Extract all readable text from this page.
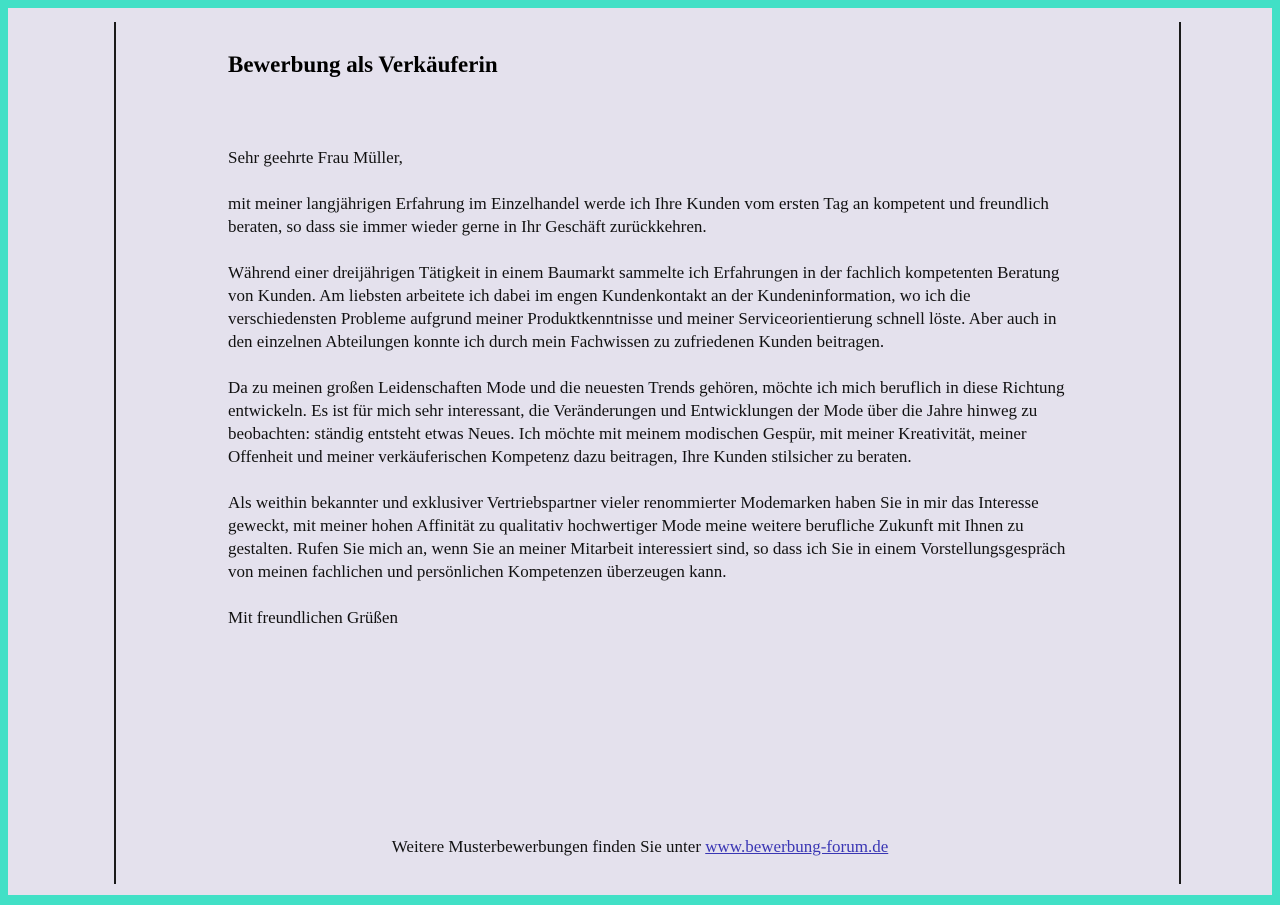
Bewerbung als Verkäuferin
Sehr geehrte Frau Müller,
mit meiner langjährigen Erfahrung im Einzelhandel werde ich Ihre Kunden vom ersten Tag an kompetent und freundlich beraten, so dass sie immer wieder gerne in Ihr Geschäft zurückkehren.
Während einer dreijährigen Tätigkeit in einem Baumarkt sammelte ich Erfahrungen in der fachlich kompetenten Beratung von Kunden. Am liebsten arbeitete ich dabei im engen Kundenkontakt an der Kundeninformation, wo ich die verschiedensten Probleme aufgrund meiner Produktkenntnisse und meiner Serviceorientierung schnell löste. Aber auch in den einzelnen Abteilungen konnte ich durch mein Fachwissen zu zufriedenen Kunden beitragen.
Da zu meinen großen Leidenschaften Mode und die neuesten Trends gehören, möchte ich mich beruflich in diese Richtung entwickeln. Es ist für mich sehr interessant, die Veränderungen und Entwicklungen der Mode über die Jahre hinweg zu beobachten: ständig entsteht etwas Neues. Ich möchte mit meinem modischen Gespür, mit meiner Kreativität, meiner Offenheit und meiner verkäuferischen Kompetenz dazu beitragen, Ihre Kunden stilsicher zu beraten.
Als weithin bekannter und exklusiver Vertriebspartner vieler renommierter Modemarken haben Sie in mir das Interesse geweckt, mit meiner hohen Affinität zu qualitativ hochwertiger Mode meine weitere berufliche Zukunft mit Ihnen zu gestalten. Rufen Sie mich an, wenn Sie an meiner Mitarbeit interessiert sind, so dass ich Sie in einem Vorstellungsgespräch von meinen fachlichen und persönlichen Kompetenzen überzeugen kann.
Mit freundlichen Grüßen
Weitere Musterbewerbungen finden Sie unter www.bewerbung-forum.de
